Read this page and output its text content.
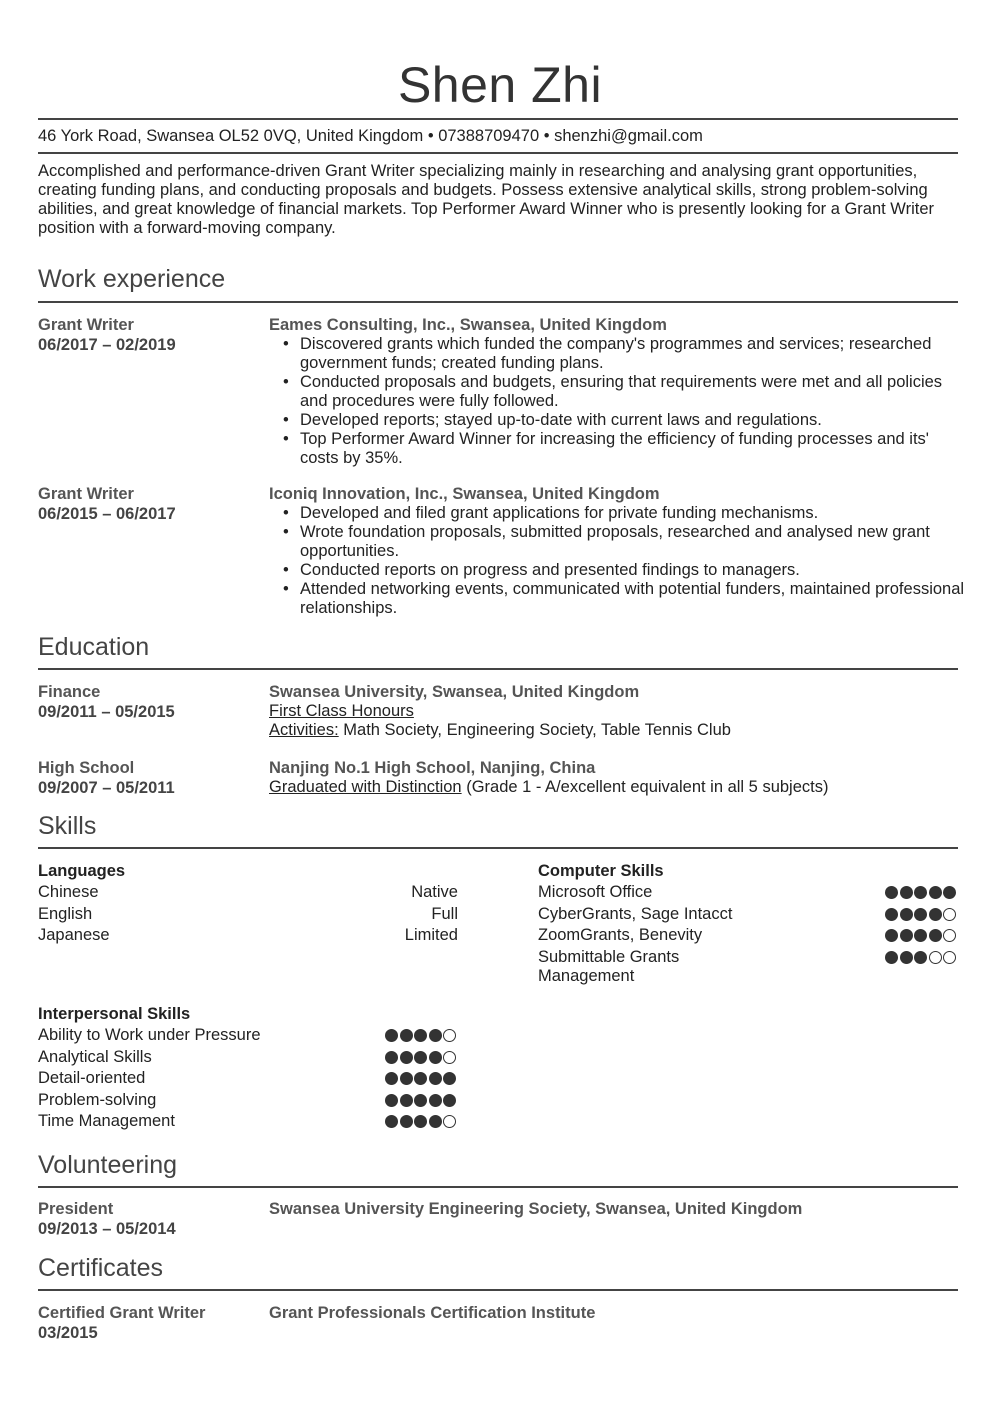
Shen Zhi
46 York Road, Swansea OL52 0VQ, United Kingdom • 07388709470 • shenzhi@gmail.com
Accomplished and performance-driven Grant Writer specializing mainly in researching and analysing grant opportunities, creating funding plans, and conducting proposals and budgets. Possess extensive analytical skills, strong problem-solving abilities, and great knowledge of financial markets. Top Performer Award Winner who is presently looking for a Grant Writer position with a forward-moving company.
Work experience
Grant Writer
06/2017 – 02/2019
Eames Consulting, Inc., Swansea, United Kingdom
• Discovered grants which funded the company's programmes and services; researched government funds; created funding plans.
• Conducted proposals and budgets, ensuring that requirements were met and all policies and procedures were fully followed.
• Developed reports; stayed up-to-date with current laws and regulations.
• Top Performer Award Winner for increasing the efficiency of funding processes and its' costs by 35%.
Grant Writer
06/2015 – 06/2017
Iconiq Innovation, Inc., Swansea, United Kingdom
• Developed and filed grant applications for private funding mechanisms.
• Wrote foundation proposals, submitted proposals, researched and analysed new grant opportunities.
• Conducted reports on progress and presented findings to managers.
• Attended networking events, communicated with potential funders, maintained professional relationships.
Education
Finance
09/2011 – 05/2015
Swansea University, Swansea, United Kingdom
First Class Honours
Activities: Math Society, Engineering Society, Table Tennis Club
High School
09/2007 – 05/2011
Nanjing No.1 High School, Nanjing, China
Graduated with Distinction (Grade 1 - A/excellent equivalent in all 5 subjects)
Skills
Languages
Chinese	Native
English	Full
Japanese	Limited
Computer Skills
Microsoft Office
CyberGrants, Sage Intacct
ZoomGrants, Benevity
Submittable Grants Management
Interpersonal Skills
Ability to Work under Pressure
Analytical Skills
Detail-oriented
Problem-solving
Time Management
Volunteering
President
09/2013 – 05/2014
Swansea University Engineering Society, Swansea, United Kingdom
Certificates
Certified Grant Writer
03/2015
Grant Professionals Certification Institute
